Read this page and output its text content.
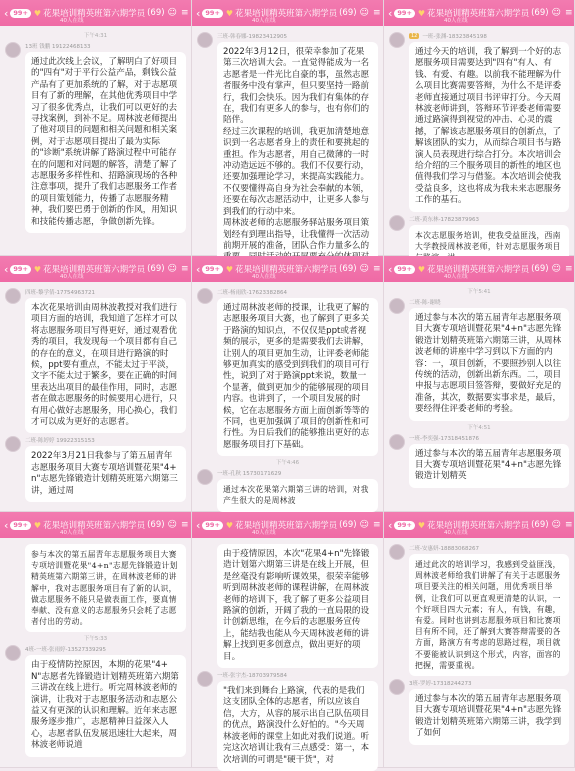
‹ 99+ ♥ 花果培训精英班第六期学员 (69) ☺ ≡
40人在线
下午4:31
13班 钱鹏 19122468133
通过此次线上会议，了解明白了好项目的"四有"对于平行公益产品，剩钱公益产品有了更加系统的了解，对于志愿项目有了新的理解，在其他优秀项目中学习了很多优秀点，让我们可以更好的去寻找案例，到补不足。周林波老师提出了他对项目的问题和相关问题和相关案例，对于志愿项目提出了最为实际的"诊断"系统讲解了路演过程中可能存在的问题和对问题的解答，清楚了解了志愿服务多样性和、招路演现场的各种注意事项，提升了我们志愿服务工作者的项目策划能力，传播了志愿服务精神，我们要巴勇于创新的作风，用知识和技能传播志愿，争做创新先锋。
‹ 99+ ♥ 花果培训精英班第六期学员 (69) ☺ ≡
40人在线
三班-韩春娜-19823412905
2022年3月12日，很荣幸参加了花果第三次培训大会。一直觉得能成为一名志愿者是一件光比自豪的事，虽然志愿者服务中没有掌声，但只要坚持一路前行，我们会快乐。因为我们有集体的存在，我们有更多人的参与，也有你们的陪伴。
经过三次课程的培训，我更加清楚地意识到一名志愿者身上的责任和要挑起的重担。作为志愿者，用自己微薄的一时冲动造远远不够的。我们不仅要行动，还要加强理论学习，来提高实践能力。不仅要懂得高自身为社会奉献的本领，还要在每次志愿活动中，让更多人参与到我们的行动中来。
周林波老师的志愿服务驿站服务项目策划经有到理出指导，让我懂得一次活动前期开展的准备，团队合作力量多么的
‹ 99+ ♥ 花果培训精英班第六期学员 (69) ☺ ≡
40人在线
12 一班-张渊-18323845198
通过今天的培训，我了解到一个好的志愿服务项目需要达到"四有"有人、有钱、有爱、有趣。以前我不能理解为什么项目比赛需要答辩，为什么不是评委老师直接通过项目书评审打分。今天周林波老师讲到，答辩环节评委老师需要通过路演得到视觉的冲击、心灵的震撼，了解该志愿服务项目的创新点，了解该团队的实力，从而综合项目书与路演人员表现进行综合打分。本次培训会给介绍的三个服务项目的新性的地区也值得我们学习与借鉴。本次培训会使我受益良多，这也将成为我未来志愿服务工作的基石。
二班-黄东林-17823879963
本次志愿服务培训，使我受益匪浅，西南大学教授周林波老师，针对志愿服务项目
‹ 99+ ♥ 花果培训精英班第六期学员 (69) ☺ ≡
40人在线
四班-黎学倩-17754963721
本次花果培训由周林波教授对我们进行项目方面的培训，我知道了怎样才可以将志愿服务项目写得更好，通过观看优秀的项目，我发现每一个项目都有自己的存在的意义，在项目进行路演的时候，ppt要有重点，不能太过于平淡，文字不能太过于繁多，要在正确的时间里表达出项目的最佳作用，同时，志愿者在做志愿服务的时候要用心进行，只有用心做好志愿服务，用心换心，我们才可以成为更好的志愿者。
二班-陈婷婷 19922315153
2022年3月21日我参与了第五届青年志愿服务项目大赛专项培训暨花果"4+n"志愿先锋锻造计划精英班第六期第三讲，通过周
‹ 99+ ♥ 花果培训精英班第六期学员 (69) ☺ ≡
40人在线
二班-杨雨欣-17623382864
通过周林波老师的授课，让我更了解的志愿服务项目大赛，也了解到了更多关于路演的知识点，不仅仅是ppt或者视频的展示，更多的是需要我们去讲解，让别人的项目更加生动，让评委老师能够更加真实的感受到到我们的项目可行性，说到了对于路演ppt来说，数量一个显著，做到更加少的能够展现的项目内容。也讲到了，一个项目发展的时候，它在志愿服务方面上面创新等等的不同，也更加强调了项目的创新性和可行性。为日后我们的能够推出更好的志愿服务项目打下基础。
下午4:46
一班-孔秋 15730171629
通过本次花果第六期第三讲的培训，对我产生很大的是周林波
‹ 99+ ♥ 花果培训精英班第六期学员 (69) ☺ ≡
40人在线
下午5:41
二班-陈-谢晓
通过参与本次的第五届青年志愿服务项目大赛专项培训暨花果"4+n"志愿先锋锻造计划精英班第六期第三讲，从周林波老师的讲座中学习到以下方面的内容：一，项目创新，不要照抄别人以往传统的活动，创新出新东西。二，项目申报与志愿项目签答辩，要做好充足的准备，其次，数据要实事求是，最后，要经得住评委老师的考验。
下午4:51
一班-李奕强-17318451876
通过参与本次的第五届青年志愿服务项目大赛专项培训暨花果"4+n"志愿先锋锻造计划精英
‹ 99+ ♥ 花果培训精英班第六期学员 (69) ☺ ≡
40人在线
参与本次的第五届青年志愿服务项目大赛专项培训暨花果"4+n"志愿先锋锻造计划精英班第六期第三讲，在周林波老师的讲解中，我对志愿服务项目有了新的认识，做志愿服务不能只是做表面工作，要真情奉献、没有意义的志愿服务只会耗了志愿者付出的劳动。
下午5:33
4班-一班-张雨婷-13527339295
由于疫情防控原因，本期的花果"4+N"志愿者先锋锻造计划精英班第六期第三讲改在线上进行。听完周林波老师的演讲，让我对于志愿服务活动和志愿公益又有更深的认识和理解。近年来志愿服务逐步推广，志愿精神日益深入人心，志愿者队伍发展迅速壮大起来，周林波老师说道
‹ 99+ ♥ 花果培训精英班第六期学员 (69) ☺ ≡
40人在线
由于疫情原因，本次"花果4+n"先锋锻造计划第六期第三讲是在线上开展，但是丝毫没有影响听课效果，很荣幸能够听到周林波老师的课程讲解，在周林波老师的培训下，我了解了更多公益项目路演的创新，开阔了我的一直局限的设计创新思维，在今后的志愿服务宣传上，能结我也能从今天周林波老师的讲解上找到更多创意点，做出更好的项目。
一班-张宇杰-18703979584
"我们来到舞台上路演，代表的是我们这支团队全体的志愿者，所以应该自信，大方，从容的展示出自己队伍项目的优点，路演没什么好怕的。"今天周林波老师的课堂上如此对我们说道。听完这次培训让我有三点感受：第一，本次培训的可谓是"硬干货"，对
‹ 99+ ♥ 花果培训精英班第六期学员 (69) ☺ ≡
40人在线
二班-安惠妍-18883068267
通过此次的培训学习，我感到受益匪浅，周林波老师给我们讲解了有关于志愿服务项目要关注的相关问题，用优秀项目举例，让我们可以更直观更清楚的认识，一个好项目四大元素；有人，有钱，有趣，有爱。同时也讲到志愿服务项目和比赛项目有所不同，还了解到大赛答辩需要的各方面，路演方有考虑的思路过程，项目就不要能被认识到这个形式，内容，面容的把握，需要重视。
3班-罗婷-17318244273
通过参与本次的第五届青年志愿服务项目大赛专项培训暨花果"4+n"志愿先锋锻造计划精英班第六期第三讲，我学到了如何
